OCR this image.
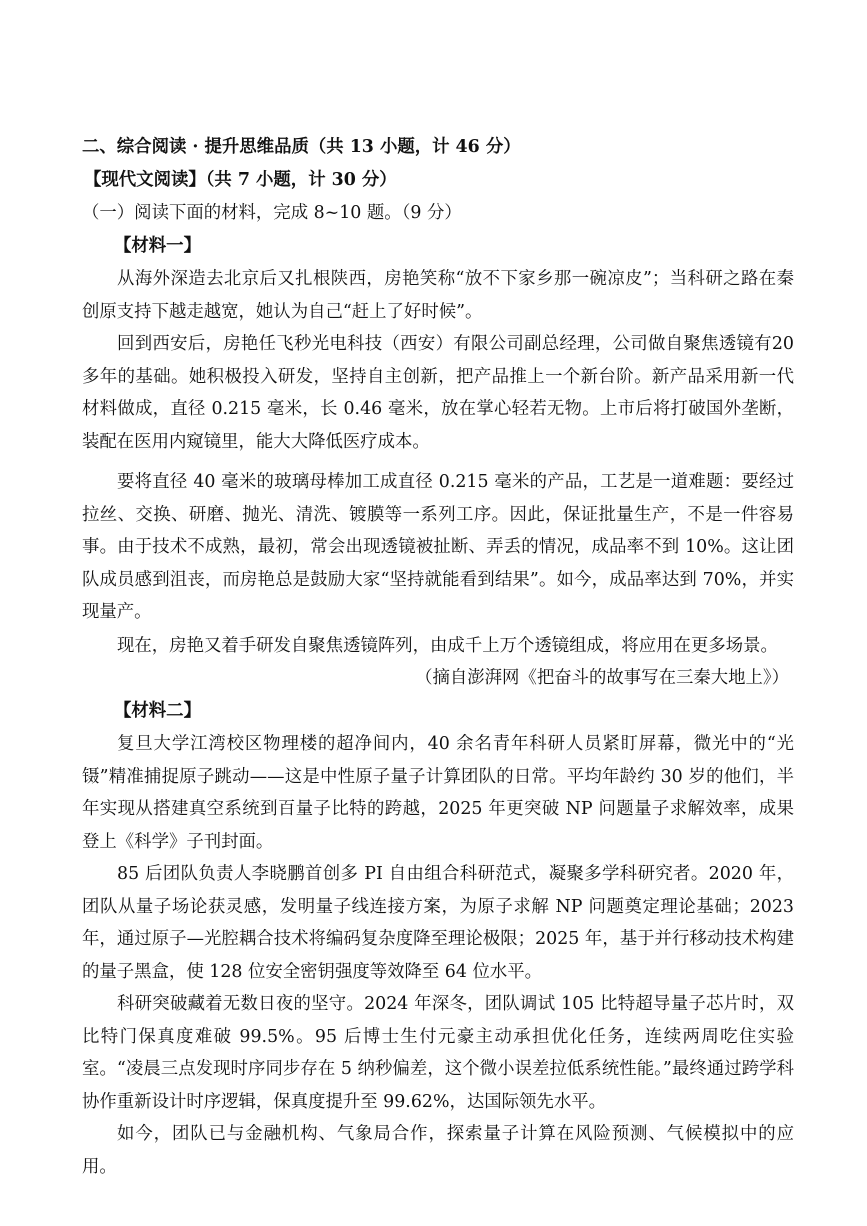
二、综合阅读 · 提升思维品质（共 13 小题，计 46 分）

【现代文阅读】（共 7 小题，计 30 分）

（一）阅读下面的材料，完成 8~10 题。（9 分）

【材料一】

从海外深造去北京后又扎根陕西，房艳笑称“放不下家乡那一碗凉皮”；当科研之路在秦创原支持下越走越宽，她认为自己“赶上了好时候”。

回到西安后，房艳任飞秒光电科技（西安）有限公司副总经理，公司做自聚焦透镜有20多年的基础。她积极投入研发，坚持自主创新，把产品推上一个新台阶。新产品采用新一代材料做成，直径 0.215 毫米，长 0.46 毫米，放在掌心轻若无物。上市后将打破国外垄断，装配在医用内窥镜里，能大大降低医疗成本。

要将直径 40 毫米的玻璃母棒加工成直径 0.215 毫米的产品，工艺是一道难题：要经过拉丝、交换、研磨、抛光、清洗、镀膜等一系列工序。因此，保证批量生产，不是一件容易事。由于技术不成熟，最初，常会出现透镜被扯断、弄丢的情况，成品率不到 10%。这让团队成员感到沮丧，而房艳总是鼓励大家“坚持就能看到结果”。如今，成品率达到 70%，并实现量产。

现在，房艳又着手研发自聚焦透镜阵列，由成千上万个透镜组成，将应用在更多场景。

（摘自澎湃网《把奋斗的故事写在三秦大地上》）

【材料二】

复旦大学江湾校区物理楼的超净间内，40 余名青年科研人员紧盯屏幕，微光中的“光镊”精准捕捉原子跳动——这是中性原子量子计算团队的日常。平均年龄约 30 岁的他们，半年实现从搭建真空系统到百量子比特的跨越，2025 年更突破 NP 问题量子求解效率，成果登上《科学》子刊封面。

85 后团队负责人李晓鹏首创多 PI 自由组合科研范式，凝聚多学科研究者。2020 年，团队从量子场论获灵感，发明量子线连接方案，为原子求解 NP 问题奠定理论基础；2023 年，通过原子—光腔耦合技术将编码复杂度降至理论极限；2025 年，基于并行移动技术构建的量子黑盒，使 128 位安全密钥强度等效降至 64 位水平。

科研突破藏着无数日夜的坚守。2024 年深冬，团队调试 105 比特超导量子芯片时，双比特门保真度难破 99.5%。95 后博士生付元豪主动承担优化任务，连续两周吃住实验室。“凌晨三点发现时序同步存在 5 纳秒偏差，这个微小误差拉低系统性能。”最终通过跨学科协作重新设计时序逻辑，保真度提升至 99.62%，达国际领先水平。

如今，团队已与金融机构、气象局合作，探索量子计算在风险预测、气候模拟中的应用。
